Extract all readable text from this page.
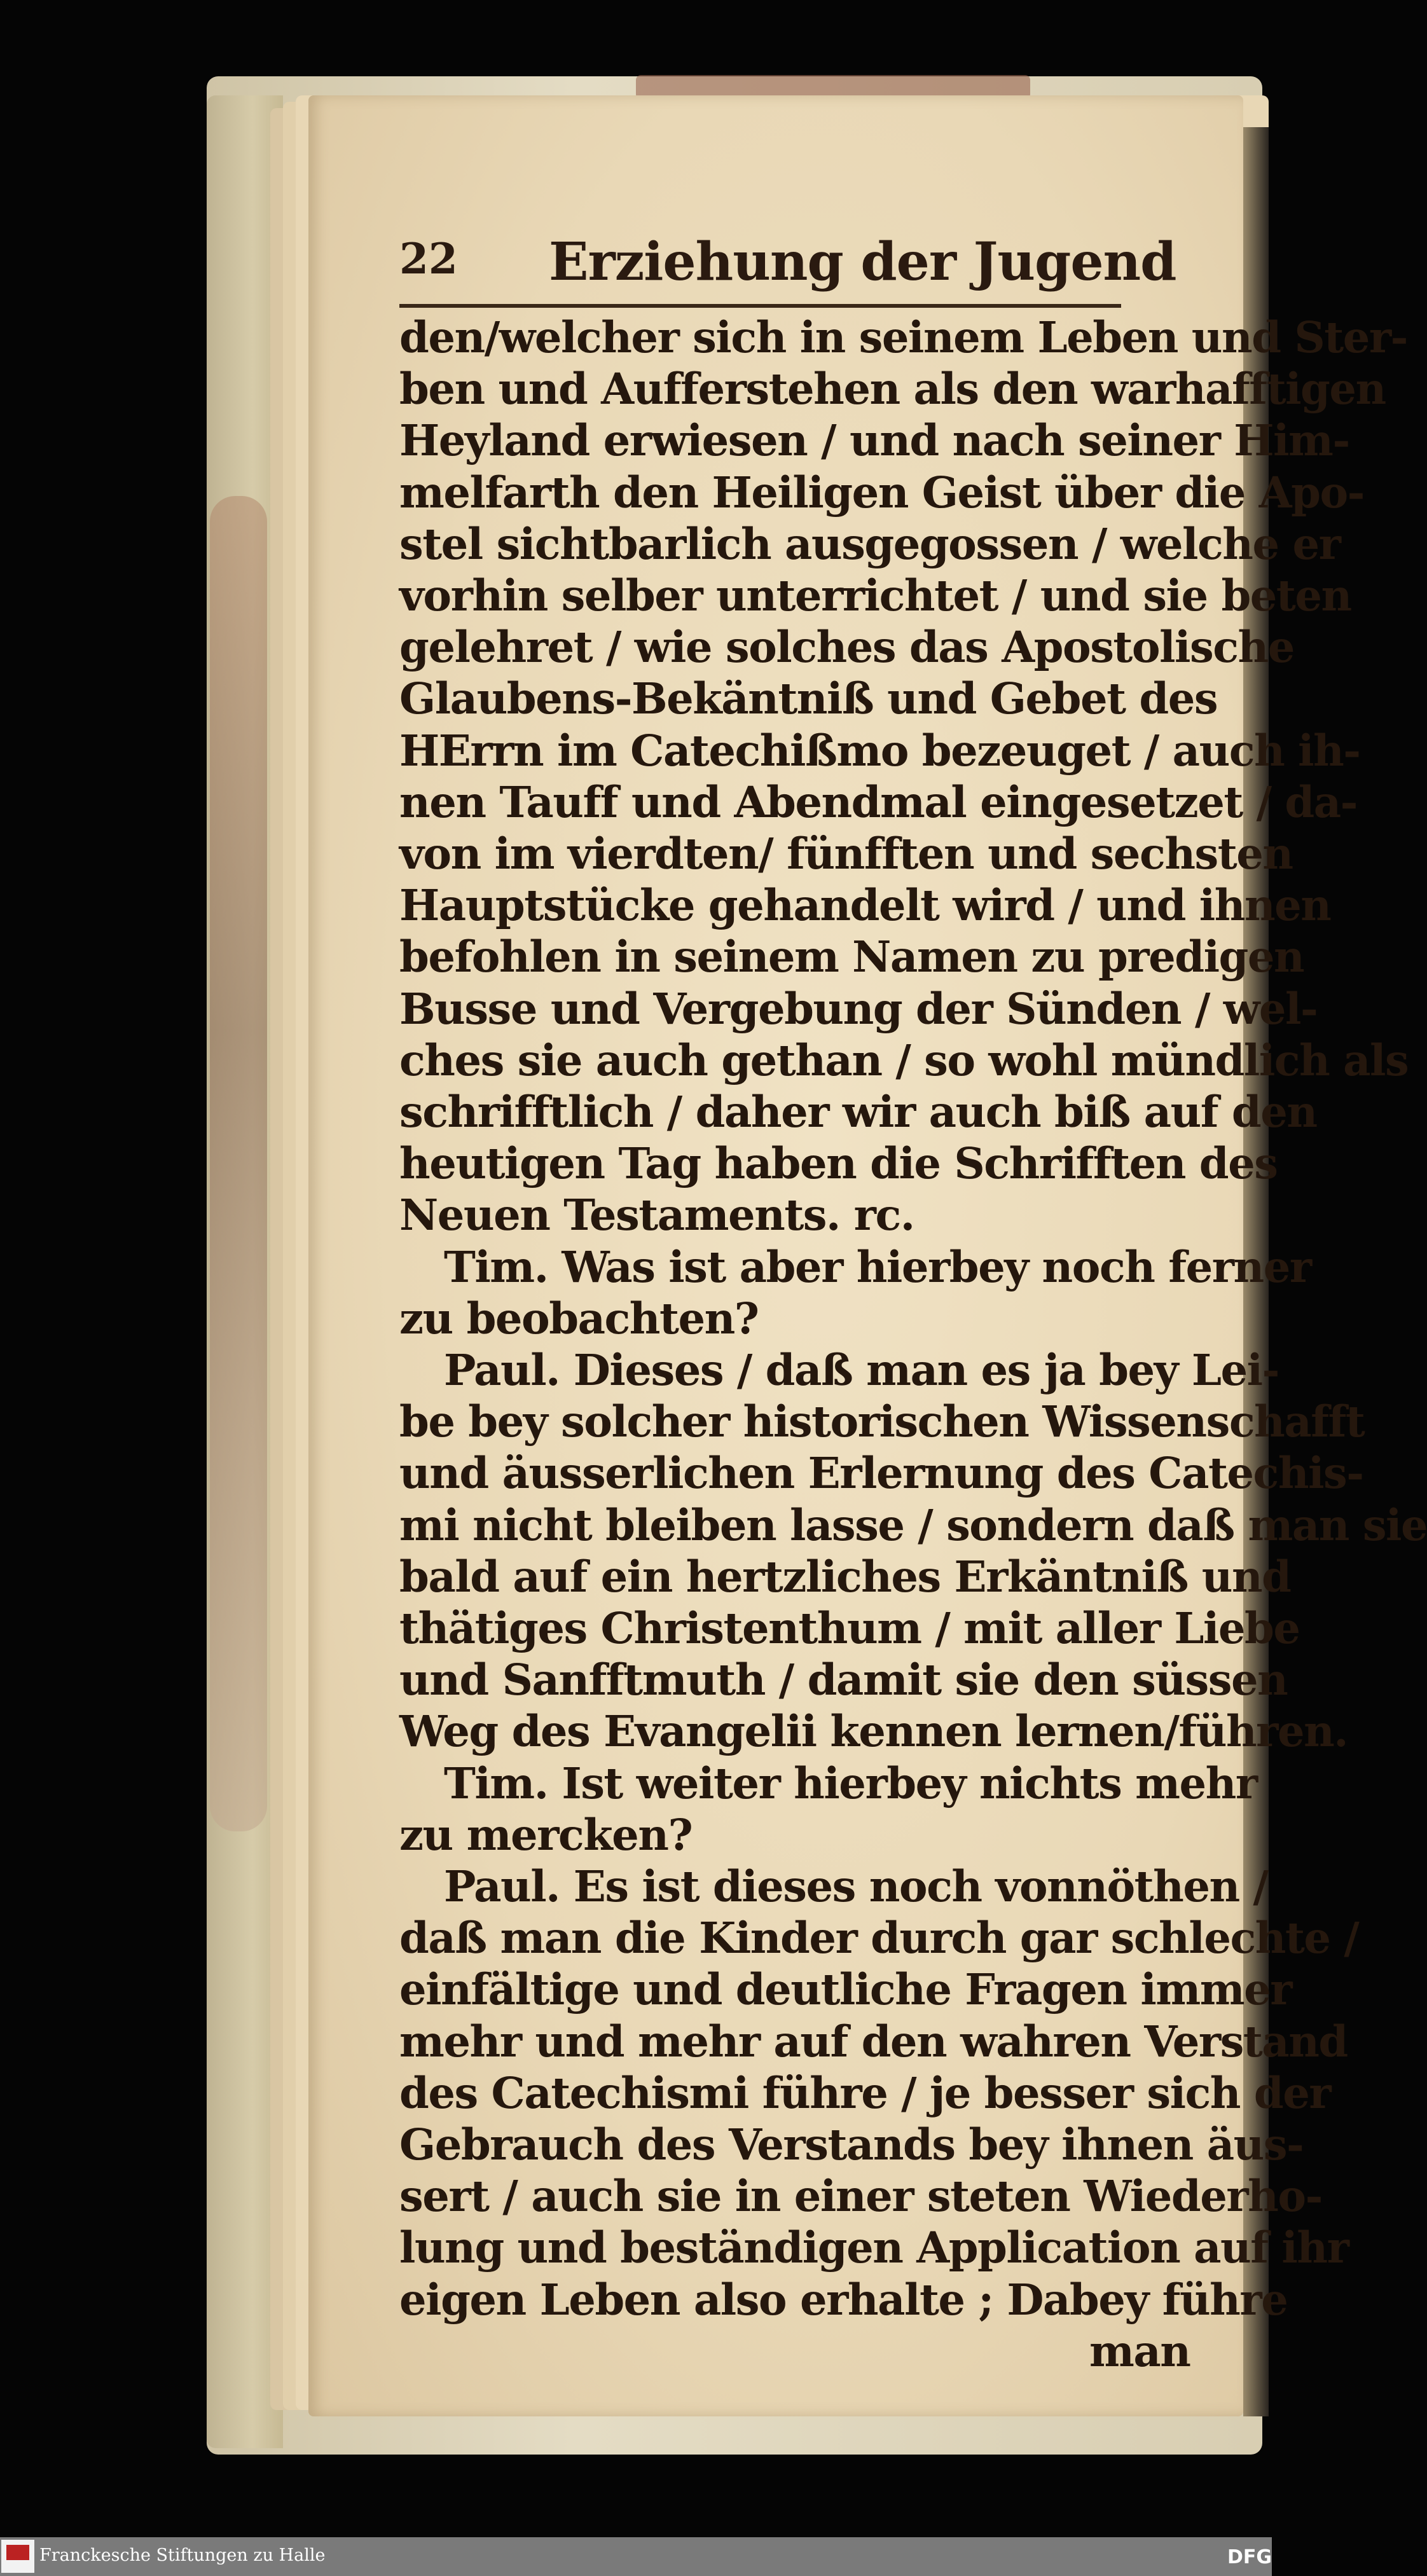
22 Erziehung der Jugend
den/welcher sich in seinem Leben und Ster-
ben und Aufferstehen als den warhafftigen
Heyland erwiesen / und nach seiner Him-
melfarth den Heiligen Geist über die Apo-
stel sichtbarlich ausgegossen / welche er
vorhin selber unterrichtet / und sie beten
gelehret / wie solches das Apostolische
Glaubens-Bekäntniß und Gebet des
HErrn im Catechißmo bezeuget / auch ih-
nen Tauff und Abendmal eingesetzet / da-
von im vierdten/ fünfften und sechsten
Hauptstücke gehandelt wird / und ihnen
befohlen in seinem Namen zu predigen
Busse und Vergebung der Sünden / wel-
ches sie auch gethan / so wohl mündlich als
schrifftlich / daher wir auch biß auf den
heutigen Tag haben die Schrifften des
Neuen Testaments. rc.
Tim. Was ist aber hierbey noch ferner
zu beobachten?
Paul. Dieses / daß man es ja bey Lei-
be bey solcher historischen Wissenschafft
und äusserlichen Erlernung des Catechis-
mi nicht bleiben lasse / sondern daß man sie
bald auf ein hertzliches Erkäntniß und
thätiges Christenthum / mit aller Liebe
und Sanfftmuth / damit sie den süssen
Weg des Evangelii kennen lernen/führen.
Tim. Ist weiter hierbey nichts mehr
zu mercken?
Paul. Es ist dieses noch vonnöthen /
daß man die Kinder durch gar schlechte /
einfältige und deutliche Fragen immer
mehr und mehr auf den wahren Verstand
des Catechismi führe / je besser sich der
Gebrauch des Verstands bey ihnen äus-
sert / auch sie in einer steten Wiederho-
lung und beständigen Application auf ihr
eigen Leben also erhalte ; Dabey führe
man
Franckesche Stiftungen zu Halle	DFG
